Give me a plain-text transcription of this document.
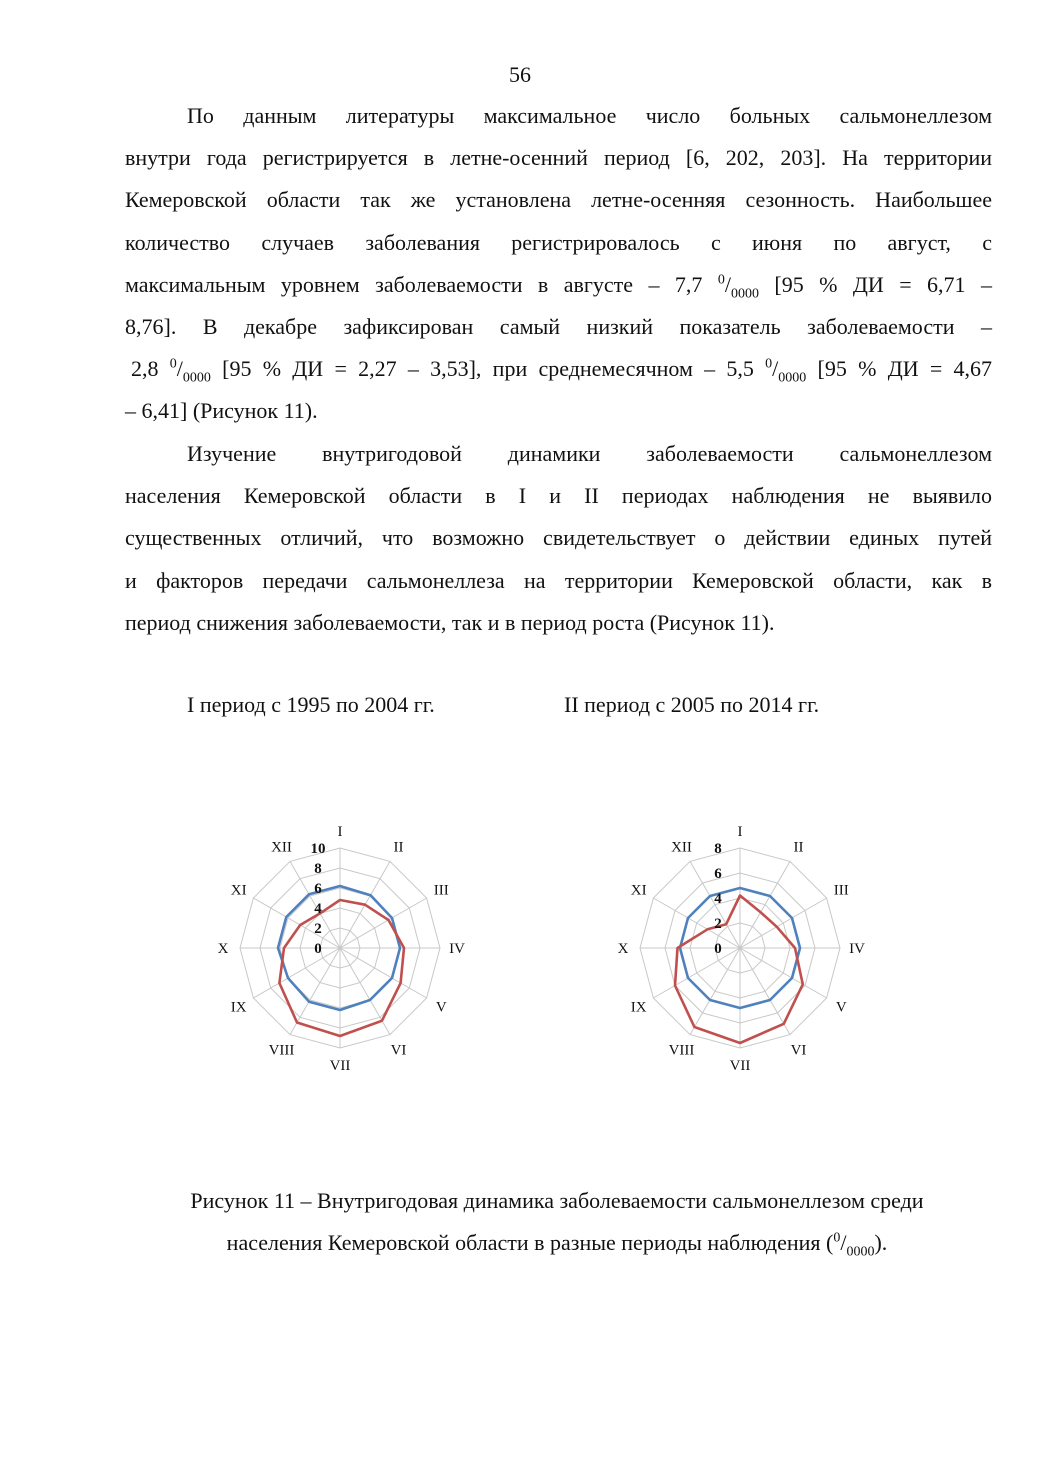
56

По данным литературы максимальное число больных сальмонеллезом

внутри года регистрируется в летне-осенний период [6, 202, 203]. На территории

Кемеровской области так же установлена летне-осенняя сезонность. Наибольшее

количество случаев заболевания регистрировалось с июня по август, с

максимальным уровнем заболеваемости в августе – 7,7 $^0/_{0000}$ [95 % ДИ = 6,71 –

8,76]. В декабре зафиксирован самый низкий показатель заболеваемости –

2,8 $^0/_{0000}$ [95 % ДИ = 2,27 – 3,53], при среднемесячном – 5,5 $^0/_{0000}$ [95 % ДИ = 4,67

– 6,41] (Рисунок 11).

Изучение внутригодовой динамики заболеваемости сальмонеллезом

населения Кемеровской области в I и II периодах наблюдения не выявило

существенных отличий, что возможно свидетельствует о действии единых путей

и факторов передачи сальмонеллеза на территории Кемеровской области, как в

период снижения заболеваемости, так и в период роста (Рисунок 11).

I период с 1995 по 2004 гг.	II период с 2005 по 2014 гг.
0
2
4
6
8
10
I
II
III
IV
V
VI
VII
VIII
IX
X
XI
XII
0
2
4
6
8
I
II
III
IV
V
VI
VII
VIII
IX
X
XI
XII
Рисунок 11 – Внутригодовая динамика заболеваемости сальмонеллезом среди
населения Кемеровской области в разные периоды наблюдения $(^0/_{0000})$.
